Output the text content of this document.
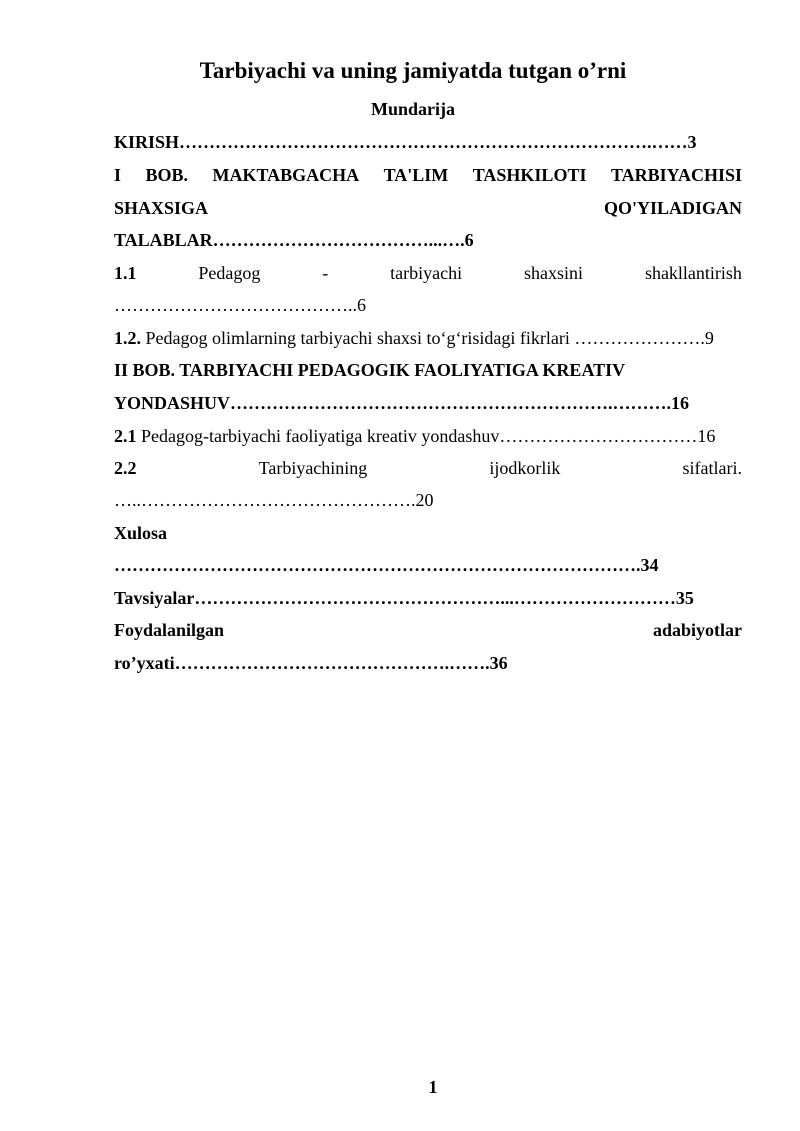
Tarbiyachi va uning jamiyatda tutgan o’rni
Mundarija
KIRISH…………………………………………………………………….……3
I BOB. MAKTABGACHA TA'LIM TASHKILOTI TARBIYACHISI
SHAXSIGA	QO'YILADIGAN
TALABLAR………………………………...….6
1.1	Pedagog	-	tarbiyachi	shaxsini	shakllantirish
…………………………………..6
1.2. Pedagog olimlarning tarbiyachi shaxsi to‘g‘risidagi fikrlari ………………….9
II BOB. TARBIYACHI PEDAGOGIK FAOLIYATIGA KREATIV
YONDASHUV……………………………………………………….……….16
2.1 Pedagog-tarbiyachi faoliyatiga kreativ yondashuv……………………………16
2.2	Tarbiyachining	ijodkorlik	sifatlari.
…..……………………………………….20
Xulosa
…………………………………………………………………………….34
Tavsiyalar……………………………………………...………………………35
Foydalanilgan	adabiyotlar
ro’yxati……………………………………….…….36
1
